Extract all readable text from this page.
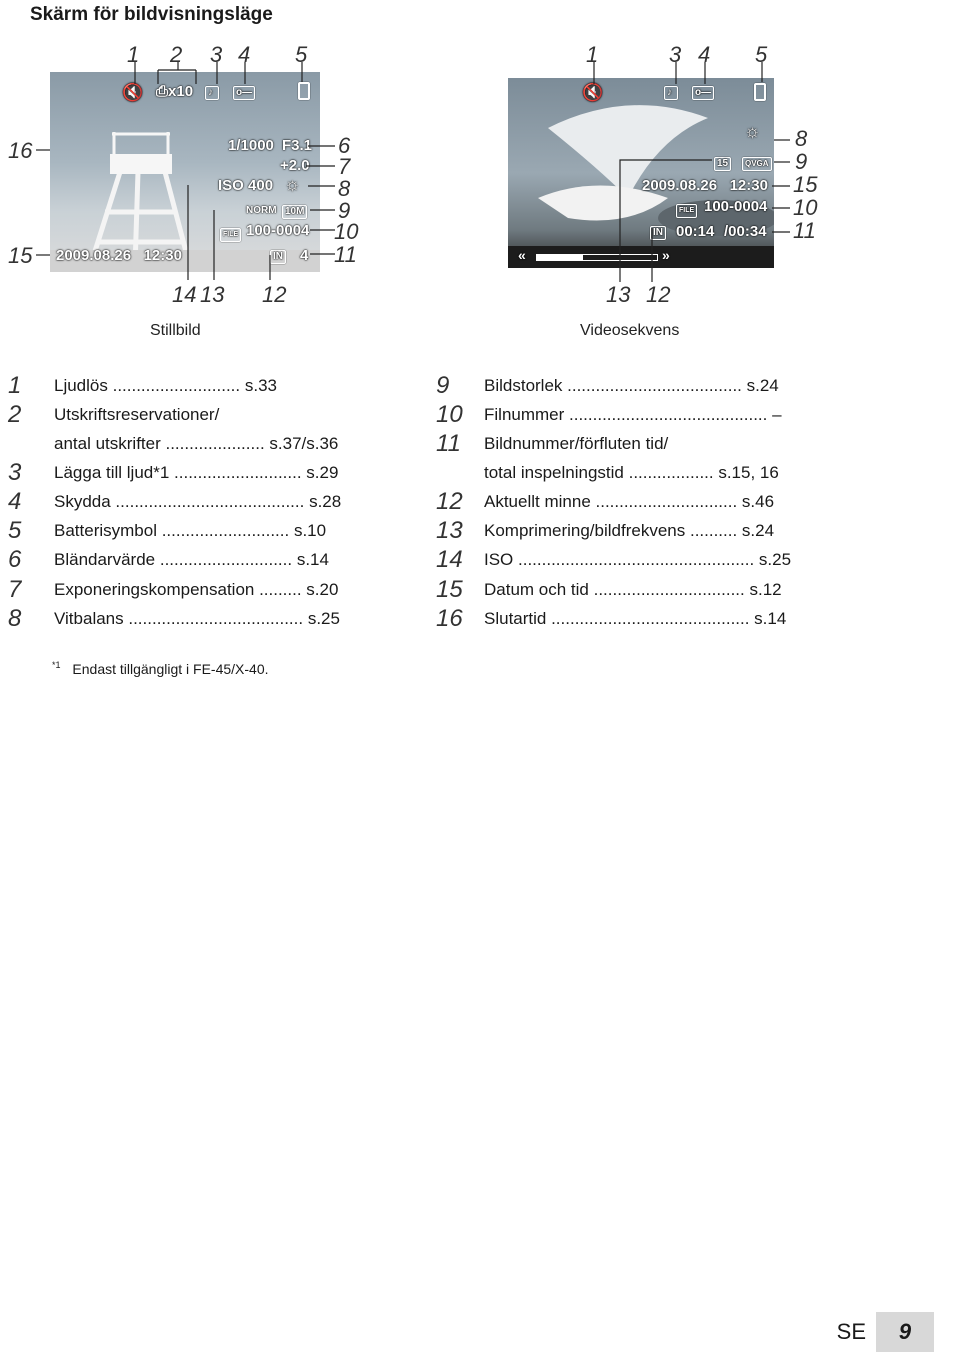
Skärm för bildvisningsläge
🔇 ⎙x10	♪	o—
1/1000 F3.1
+2.0
ISO 400 ☼
NORM 10M
FILE 100-0004
IN 4
2009.08.26   12:30
1 2 3 4 5
6
7
8
9
10
11
16
15
14 13 12
Stillbild
🔇	♪	o—
☼
15	QVGA
2009.08.26   12:30
FILE 100-0004
IN 00:14 /00:34
«	»
1	3 4 5
8
9
15
10
11
13 12
Videosekvens
1 Ljudlös ........................... s.33
2 Utskriftsreservationer/
antal utskrifter ..................... s.37/s.36
3 Lägga till ljud*1 ........................... s.29
4 Skydda ........................................ s.28
5 Batterisymbol ........................... s.10
6 Bländarvärde ............................ s.14
7 Exponeringskompensation ......... s.20
8 Vitbalans ..................................... s.25
9 Bildstorlek ..................................... s.24
10 Filnummer .......................................... –
11 Bildnummer/förfluten tid/
total inspelningstid .................. s.15, 16
12 Aktuellt minne .............................. s.46
13 Komprimering/bildfrekvens .......... s.24
14 ISO .................................................. s.25
15 Datum och tid ................................ s.12
16 Slutartid .......................................... s.14
$^{*1}$ Endast tillgängligt i FE-45/X-40.
SE	9
